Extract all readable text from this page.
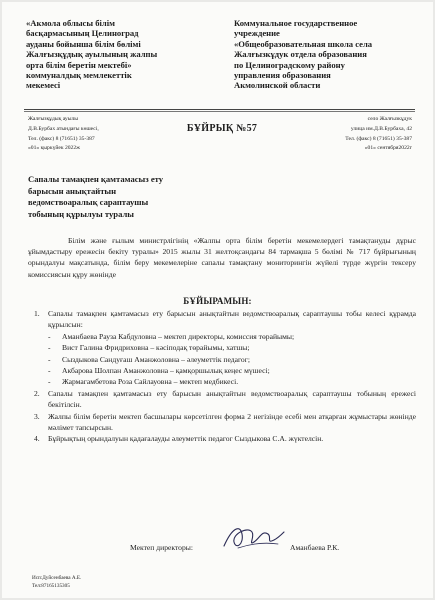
«Акмола облысы білім
басқармасының Целиноград
ауданы бойынша білім бөлімі
Жалғызқұдық ауылының жалпы
орта білім беретін мектебі»
коммуналдық мемлекеттік
мекемесі
Коммунальное государственное
учреждение
«Общеобразовательная школа села
Жалғызкұдук отдела образования
по Целиноградскому району
управления образования
Акмолинской области
Жалғызқұдық ауылы
Д.В.Бурбах атындағы көшесі,
Тел. (факс) 8 (71651) 35-387
«01» қыркүйек 2022ж
БҰЙРЫҚ №57
село Жалғызкұдук
улица им.Д.В.Бурбаха, 42
Тел. (факс) 8 (71651) 35-387
«01» сентября2022г
Сапалы тамақпен қамтамасыз ету
барысын анықтайтын
ведомствоаралық сараптаушы
тобының құрылуы туралы
Білім және ғылым министрлігінің «Жалпы орта білім беретін мекемелердегі тамақтануды дұрыс ұйымдастыру ережесін бекіту туралы» 2015 жылы 31 желтоқсандағы 84 тармақша 5 бөлімі № 717 бұйрығының орындалуы мақсатында, білім беру мекемелеріне сапалы тамақтану мониторингін жүйелі түрде жүргін тексеру комиссиясын құру жөнінде
БҰЙЫРАМЫН:
1.	Сапалы тамақпен қамтамасыз ету барысын анықтайтын ведомствоаралық сараптаушы тобы келесі құрамда құрылсын:
-	Аманбаева Рауза Кабдуловна – мектеп директоры, комиссия төрайымы;
-	Вист Галина Фридриховна – кәсіподақ төрайымы, хатшы;
-	Сыздыкова Сандуғаш Аманжоловна – әлеуметтік педагог;
-	Акбарова Шолпан Аманжоловна – қамқоршылық кеңес мүшесі;
-	Жармагамбетова Роза Сайлауовна – мектеп медбикесі.
2.	Сапалы тамақпен қамтамасыз ету барысын анықтайтын ведомствоаралық сараптаушы тобының ережесі бекітілсін.
3.	Жалпы білім беретін мектеп басшылары көрсетілген форма 2 негізінде есебі мен атқарған жұмыстары жөнінде мәлімет тапсырсын.
4.	Бұйрықтың орындалуын қадағалауды әлеуметтік педагог Сыздыкова С.А. жүктелсін.
Мектеп директоры:	Аманбаева Р.К.
Исп:Дуйсенбаева А.Е.
Тел:87165135305
